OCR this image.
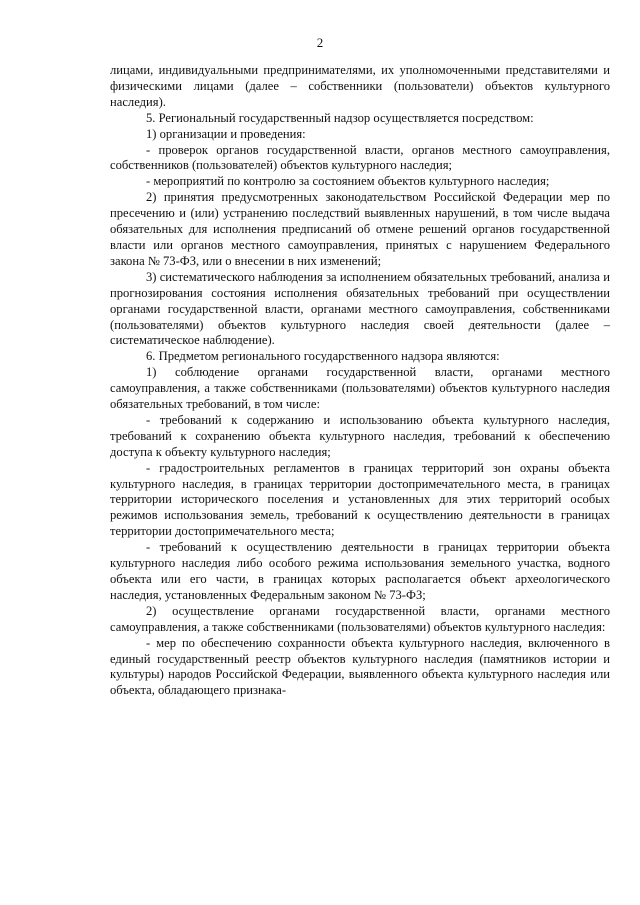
2

лицами, индивидуальными предпринимателями, их уполномоченными представителями и физическими лицами (далее – собственники (пользователи) объектов культурного наследия).

5. Региональный государственный надзор осуществляется посредством:

1) организации и проведения:

- проверок органов государственной власти, органов местного самоуправления, собственников (пользователей) объектов культурного наследия;

- мероприятий по контролю за состоянием объектов культурного наследия;

2) принятия предусмотренных законодательством Российской Федерации мер по пресечению и (или) устранению последствий выявленных нарушений, в том числе выдача обязательных для исполнения предписаний об отмене решений органов государственной власти или органов местного самоуправления, принятых с нарушением Федерального закона № 73-ФЗ, или о внесении в них изменений;

3) систематического наблюдения за исполнением обязательных требований, анализа и прогнозирования состояния исполнения обязательных требований при осуществлении органами государственной власти, органами местного самоуправления, собственниками (пользователями) объектов культурного наследия своей деятельности (далее – систематическое наблюдение).

6. Предметом регионального государственного надзора являются:

1) соблюдение органами государственной власти, органами местного самоуправления, а также собственниками (пользователями) объектов культурного наследия обязательных требований, в том числе:

- требований к содержанию и использованию объекта культурного наследия, требований к сохранению объекта культурного наследия, требований к обеспечению доступа к объекту культурного наследия;

- градостроительных регламентов в границах территорий зон охраны объекта культурного наследия, в границах территории достопримечательного места, в границах территории исторического поселения и установленных для этих территорий особых режимов использования земель, требований к осуществлению деятельности в границах территории достопримечательного места;

- требований к осуществлению деятельности в границах территории объекта культурного наследия либо особого режима использования земельного участка, водного объекта или его части, в границах которых располагается объект археологического наследия, установленных Федеральным законом № 73-ФЗ;

2) осуществление органами государственной власти, органами местного самоуправления, а также собственниками (пользователями) объектов культурного наследия:

- мер по обеспечению сохранности объекта культурного наследия, включенного в единый государственный реестр объектов культурного наследия (памятников истории и культуры) народов Российской Федерации, выявленного объекта культурного наследия или объекта, обладающего признака-
